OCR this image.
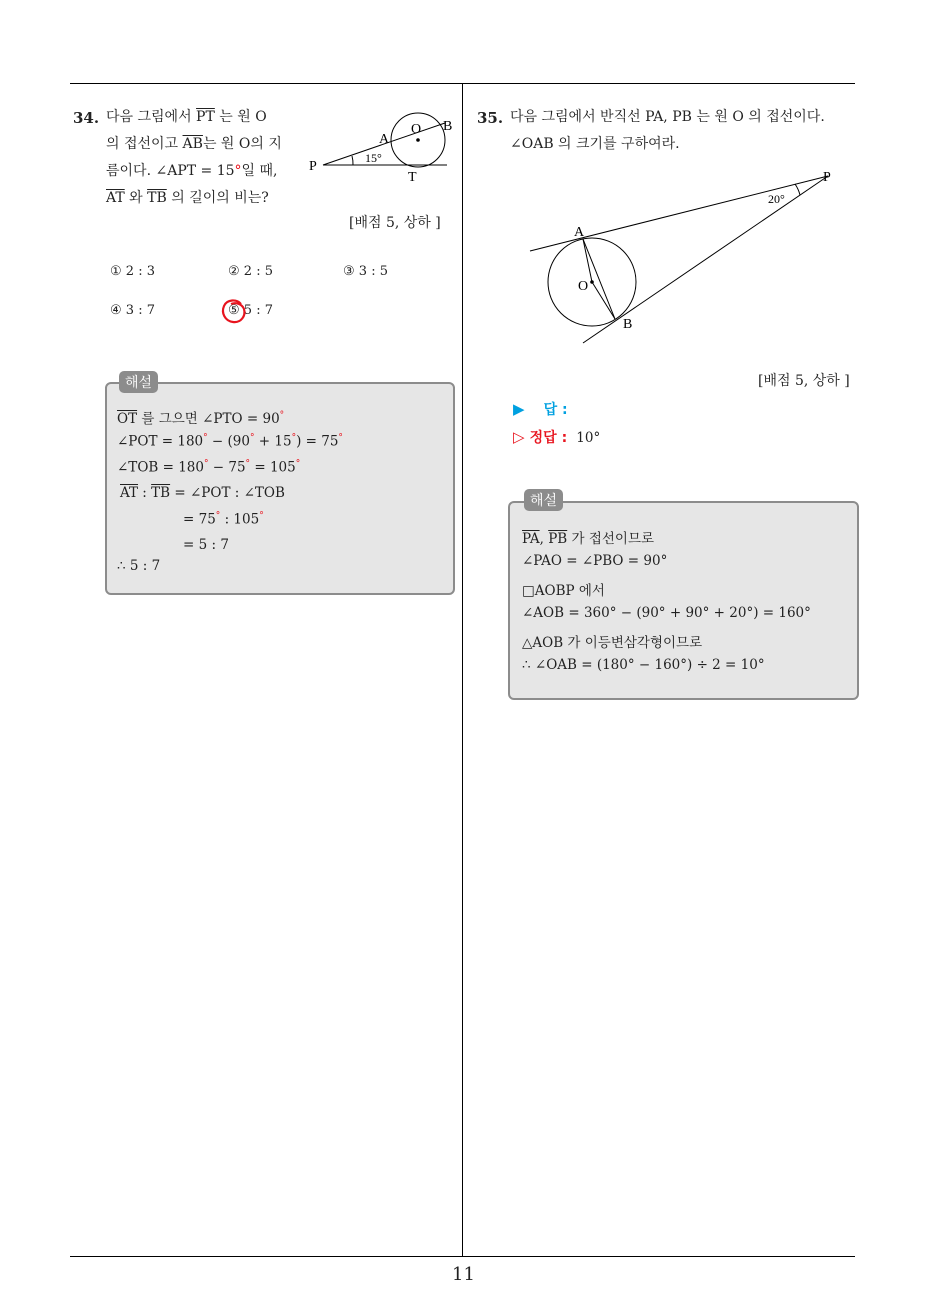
34. 다음 그림에서 $\overline{PT}$ 는 원 O
의 접선이고 $\overline{AB}$는 원 O의 지
름이다. ∠APT = 15°일 때,
$\overline{AT}$ 와 $\overline{TB}$ 의 길이의 비는?
P
A
O B
T
15°
[배점 5, 상하 ]
① 2 : 3	② 2 : 5	③ 3 : 5
④ 3 : 7	⑤ 5 : 7
해설
$\overline{OT}$ 를 그으면 ∠PTO = 90°
∠POT = 180° − (90° + 15°) = 75°
∠TOB = 180° − 75° = 105°
$\overline{AT}$ : $\overline{TB}$ = ∠POT : ∠TOB
= 75° : 105°
= 5 : 7
∴ 5 : 7
35. 다음 그림에서 반직선 PA, PB 는 원 O 의 접선이다.
∠OAB 의 크기를 구하여라.
P
A
O
B
20°
[배점 5, 상하 ]
▶ 답 :
▷ 정답 : 10°
해설
$\overline{PA}$, $\overline{PB}$ 가 접선이므로
∠PAO = ∠PBO = 90°
□AOBP 에서
∠AOB = 360° − (90° + 90° + 20°) = 160°
△AOB 가 이등변삼각형이므로
∴ ∠OAB = (180° − 160°) ÷ 2 = 10°
11
